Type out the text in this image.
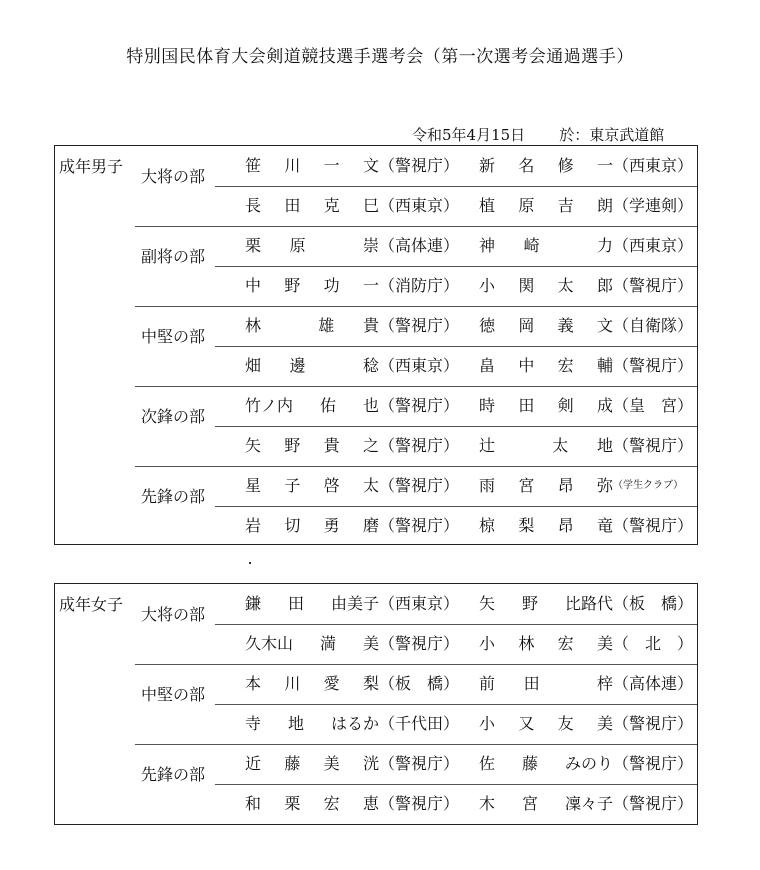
特別国民体育大会剣道競技選手選考会（第一次選考会通過選手）
令和5年4月15日 於：東京武道館
成年男子
大将の部
笹 川 一 文 （警視庁） 新 名 修 一 （西東京）
長 田 克 巳 （西東京） 植 原 吉 朗 （学連剣）
副将の部
栗 原	崇 （高体連） 神 崎	力 （西東京）
中 野 功 一 （消防庁） 小 関 太 郎 （警視庁）
中堅の部
林	雄 貴 （警視庁） 徳 岡 義 文 （自衛隊）
畑 邊	稔 （西東京） 畠 中 宏 輔 （警視庁）
次鋒の部
竹ノ内 佑 也 （警視庁） 時 田 剣 成 （皇　宮）
矢 野 貴 之 （警視庁） 辻	太 地 （警視庁）
先鋒の部
星 子 啓 太 （警視庁） 雨 宮 昂 弥 （学生クラブ）
岩 切 勇 磨 （警視庁） 椋 梨 昂 竜 （警視庁）
成年女子
大将の部
鎌 田 由美子 （西東京） 矢 野 比路代 （板　橋）
久木山 満 美 （警視庁） 小 林 宏 美 （　北　）
中堅の部
本 川 愛 梨 （板　橋） 前 田	梓 （高体連）
寺 地 はるか （千代田） 小 又 友 美 （警視庁）
先鋒の部
近 藤 美 洸 （警視庁） 佐 藤 みのり （警視庁）
和 栗 宏 恵 （警視庁） 木 宮 凜々子 （警視庁）
